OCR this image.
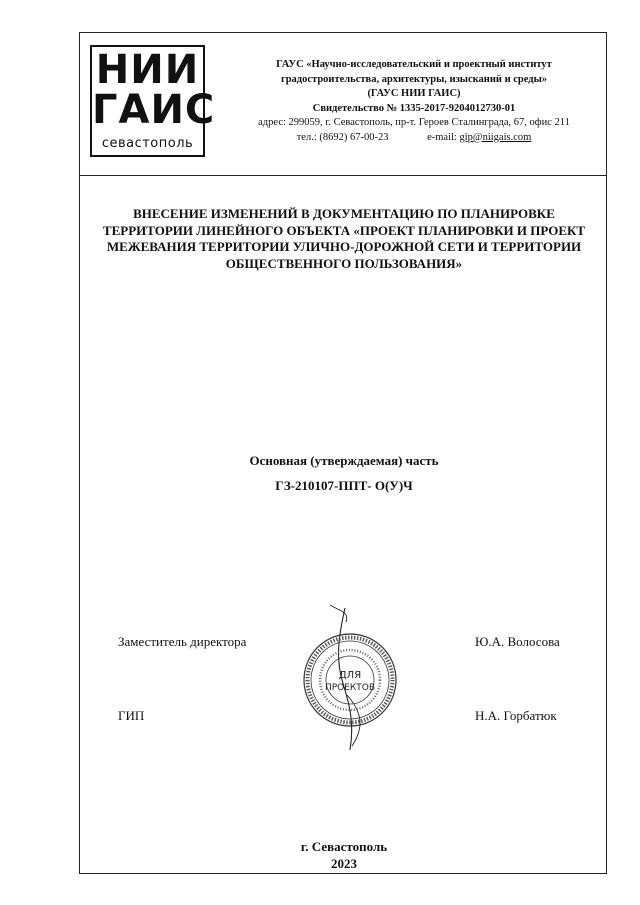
НИИ
ГАИС
севастополь
ГАУС «Научно-исследовательский и проектный институт
градостроительства, архитектуры, изысканий и среды»
(ГАУС НИИ ГАИС)
Свидетельство № 1335-2017-9204012730-01
адрес: 299059, г. Севастополь, пр-т. Героев Сталинграда, 67, офис 211
тел.: (8692) 67-00-23	e-mail: gip@niigais.com
ВНЕСЕНИЕ ИЗМЕНЕНИЙ В ДОКУМЕНТАЦИЮ ПО ПЛАНИРОВКЕ
ТЕРРИТОРИИ ЛИНЕЙНОГО ОБЪЕКТА «ПРОЕКТ ПЛАНИРОВКИ И ПРОЕКТ
МЕЖЕВАНИЯ ТЕРРИТОРИИ УЛИЧНО-ДОРОЖНОЙ СЕТИ И ТЕРРИТОРИИ
ОБЩЕСТВЕННОГО ПОЛЬЗОВАНИЯ»
Основная (утверждаемая) часть
ГЗ-210107-ППТ- О(У)Ч
Заместитель директора	Ю.А. Волосова
ГИП	Н.А. Горбатюк
ДЛЯ
ПРОЕКТОВ
г. Севастополь
2023
